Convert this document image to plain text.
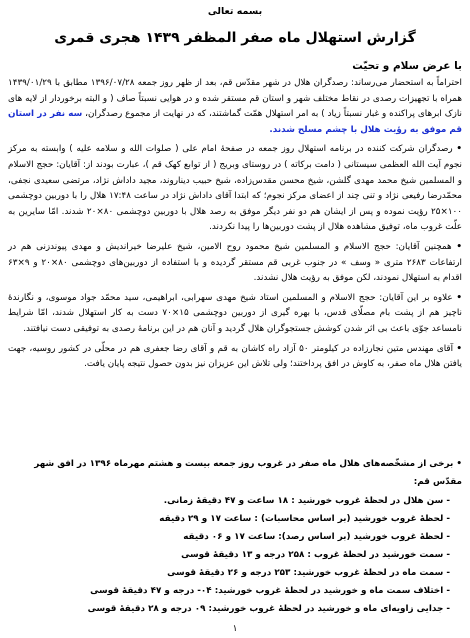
بسمه تعالی
گزارش استهلال ماه صفر المظفر ۱۴۳۹ هجری قمری
با عرض سلام و تحیّت

احتراماً به استحضار می‌رساند: رصدگران هلال در شهر مقدّس قم، بعد از ظهر روز جمعه ۱۳۹۶/۰۷/۲۸ مطابق با ۱۴۳۹/۰۱/۲۹ همراه با تجهیزات رصدی در نقاط مختلف شهر و استان قم مستقر شده و در هوایی نسبتاً صاف ( و البته برخوردار از لایه های نازک ابرهای پراکنده و غبار نسبتاً زیاد ) به امر استهلال همّت گماشتند، که در نهایت از مجموع رصدگران، سه نفر در استان قم موفق به رؤیت هلال با چشم مسلح شدند.

• رصدگران شرکت کننده در برنامه استهلال روز جمعه در صفحهٔ امام علی ( صلوات الله و سلامه علیه ) وابسته به مرکز نجوم آیت الله العظمی سیستانی ( دامت برکاته ) در روستای وبریج ( از توابع کهک قم )، عبارت بودند از: آقایان: حجج الاسلام و المسلمین شیخ محمد مهدی گلشن، شیخ محسن مقدس‌زاده، شیخ حبیب دیناروند، مجید داداش نژاد، مرتضی سعیدی نجفی، محمّدرضا رفیعی نژاد و تنی چند از اعضای مرکز نجوم؛ که ابتدا آقای داداش نژاد در ساعت ۱۷:۴۸ هلال را با دوربین دوچشمی ۱۰۰×۲۵ رؤیت نموده و پس از ایشان هم دو نفر دیگر موفق به رصد هلال با دوربین دوچشمی ۸۰×۲۰ شدند. امّا سایرین به علّت غروب ماه، توفیق مشاهده هلال از پشت دوربین‌ها را پیدا نکردند.

• همچنین آقایان: حجج الاسلام و المسلمین شیخ محمود روح الامین، شیخ علیرضا خیراندیش و مهدی پیوندزنی هم در ارتفاعات ۲۶۸۳ متری « وسف » در جنوب غربی قم مستقر گردیده و با استفاده از دوربین‌های دوچشمی ۸۰×۲۰ و ۹×۶۳ اقدام به استهلال نمودند، لکن موفق به رؤیت هلال نشدند.

• علاوه بر این آقایان: حجج الاسلام و المسلمین استاد شیخ مهدی سهرابی، ابراهیمی، سید محمّد جواد موسوی، و نگارندهٔ ناچیز هم از پشت بام مصلّای قدس، با بهره گیری از دوربین دوچشمی ۱۵×۷۰ دست به کار استهلال شدند، امّا شرایط نامساعد جوّی باعث بی اثر شدن کوشش جستجوگران هلال گردید و آنان هم در این برنامهٔ رصدی به توفیقی دست نیافتند.

• آقای مهندس متین نجارزاده در کیلومتر ۵۰ آزاد راه کاشان به قم و آقای رضا جعفری هم در محلّی در کشور روسیه، جهت یافتن هلال ماه صفر، به کاوش در افق پرداختند؛ ولی تلاش این عزیزان نیز بدون حصول نتیجه پایان یافت.

• برخی از مشخّصه‌های هلال ماه صفر در غروب روز جمعه بیست و هشتم مهرماه ۱۳۹۶ در افق شهر مقدّس قم:
- سن هلال در لحظهٔ غروب خورشید : ۱۸ ساعت و ۴۷ دقیقهٔ زمانی.
- لحظهٔ غروب خورشید (بر اساس محاسبات) : ساعت ۱۷ و ۲۹ دقیقه
- لحظهٔ غروب خورشید (بر اساس رصد): ساعت ۱۷ و ۰۶ دقیقه
- سمت خورشید در لحظهٔ غروب : ۲۵۸ درجه و ۱۳ دقیقهٔ قوسی
- سمت ماه در لحظهٔ غروب خورشید: ۲۵۳ درجه و ۲۶ دقیقهٔ قوسی
- اختلاف سمت ماه و خورشید در لحظهٔ غروب خورشید: ۰۴- درجه و ۴۷ دقیقهٔ قوسی
- جدایی زاویه‌ای ماه و خورشید در لحظهٔ غروب خورشید: ۰۹ درجه و ۲۸ دقیقهٔ قوسی
۱
